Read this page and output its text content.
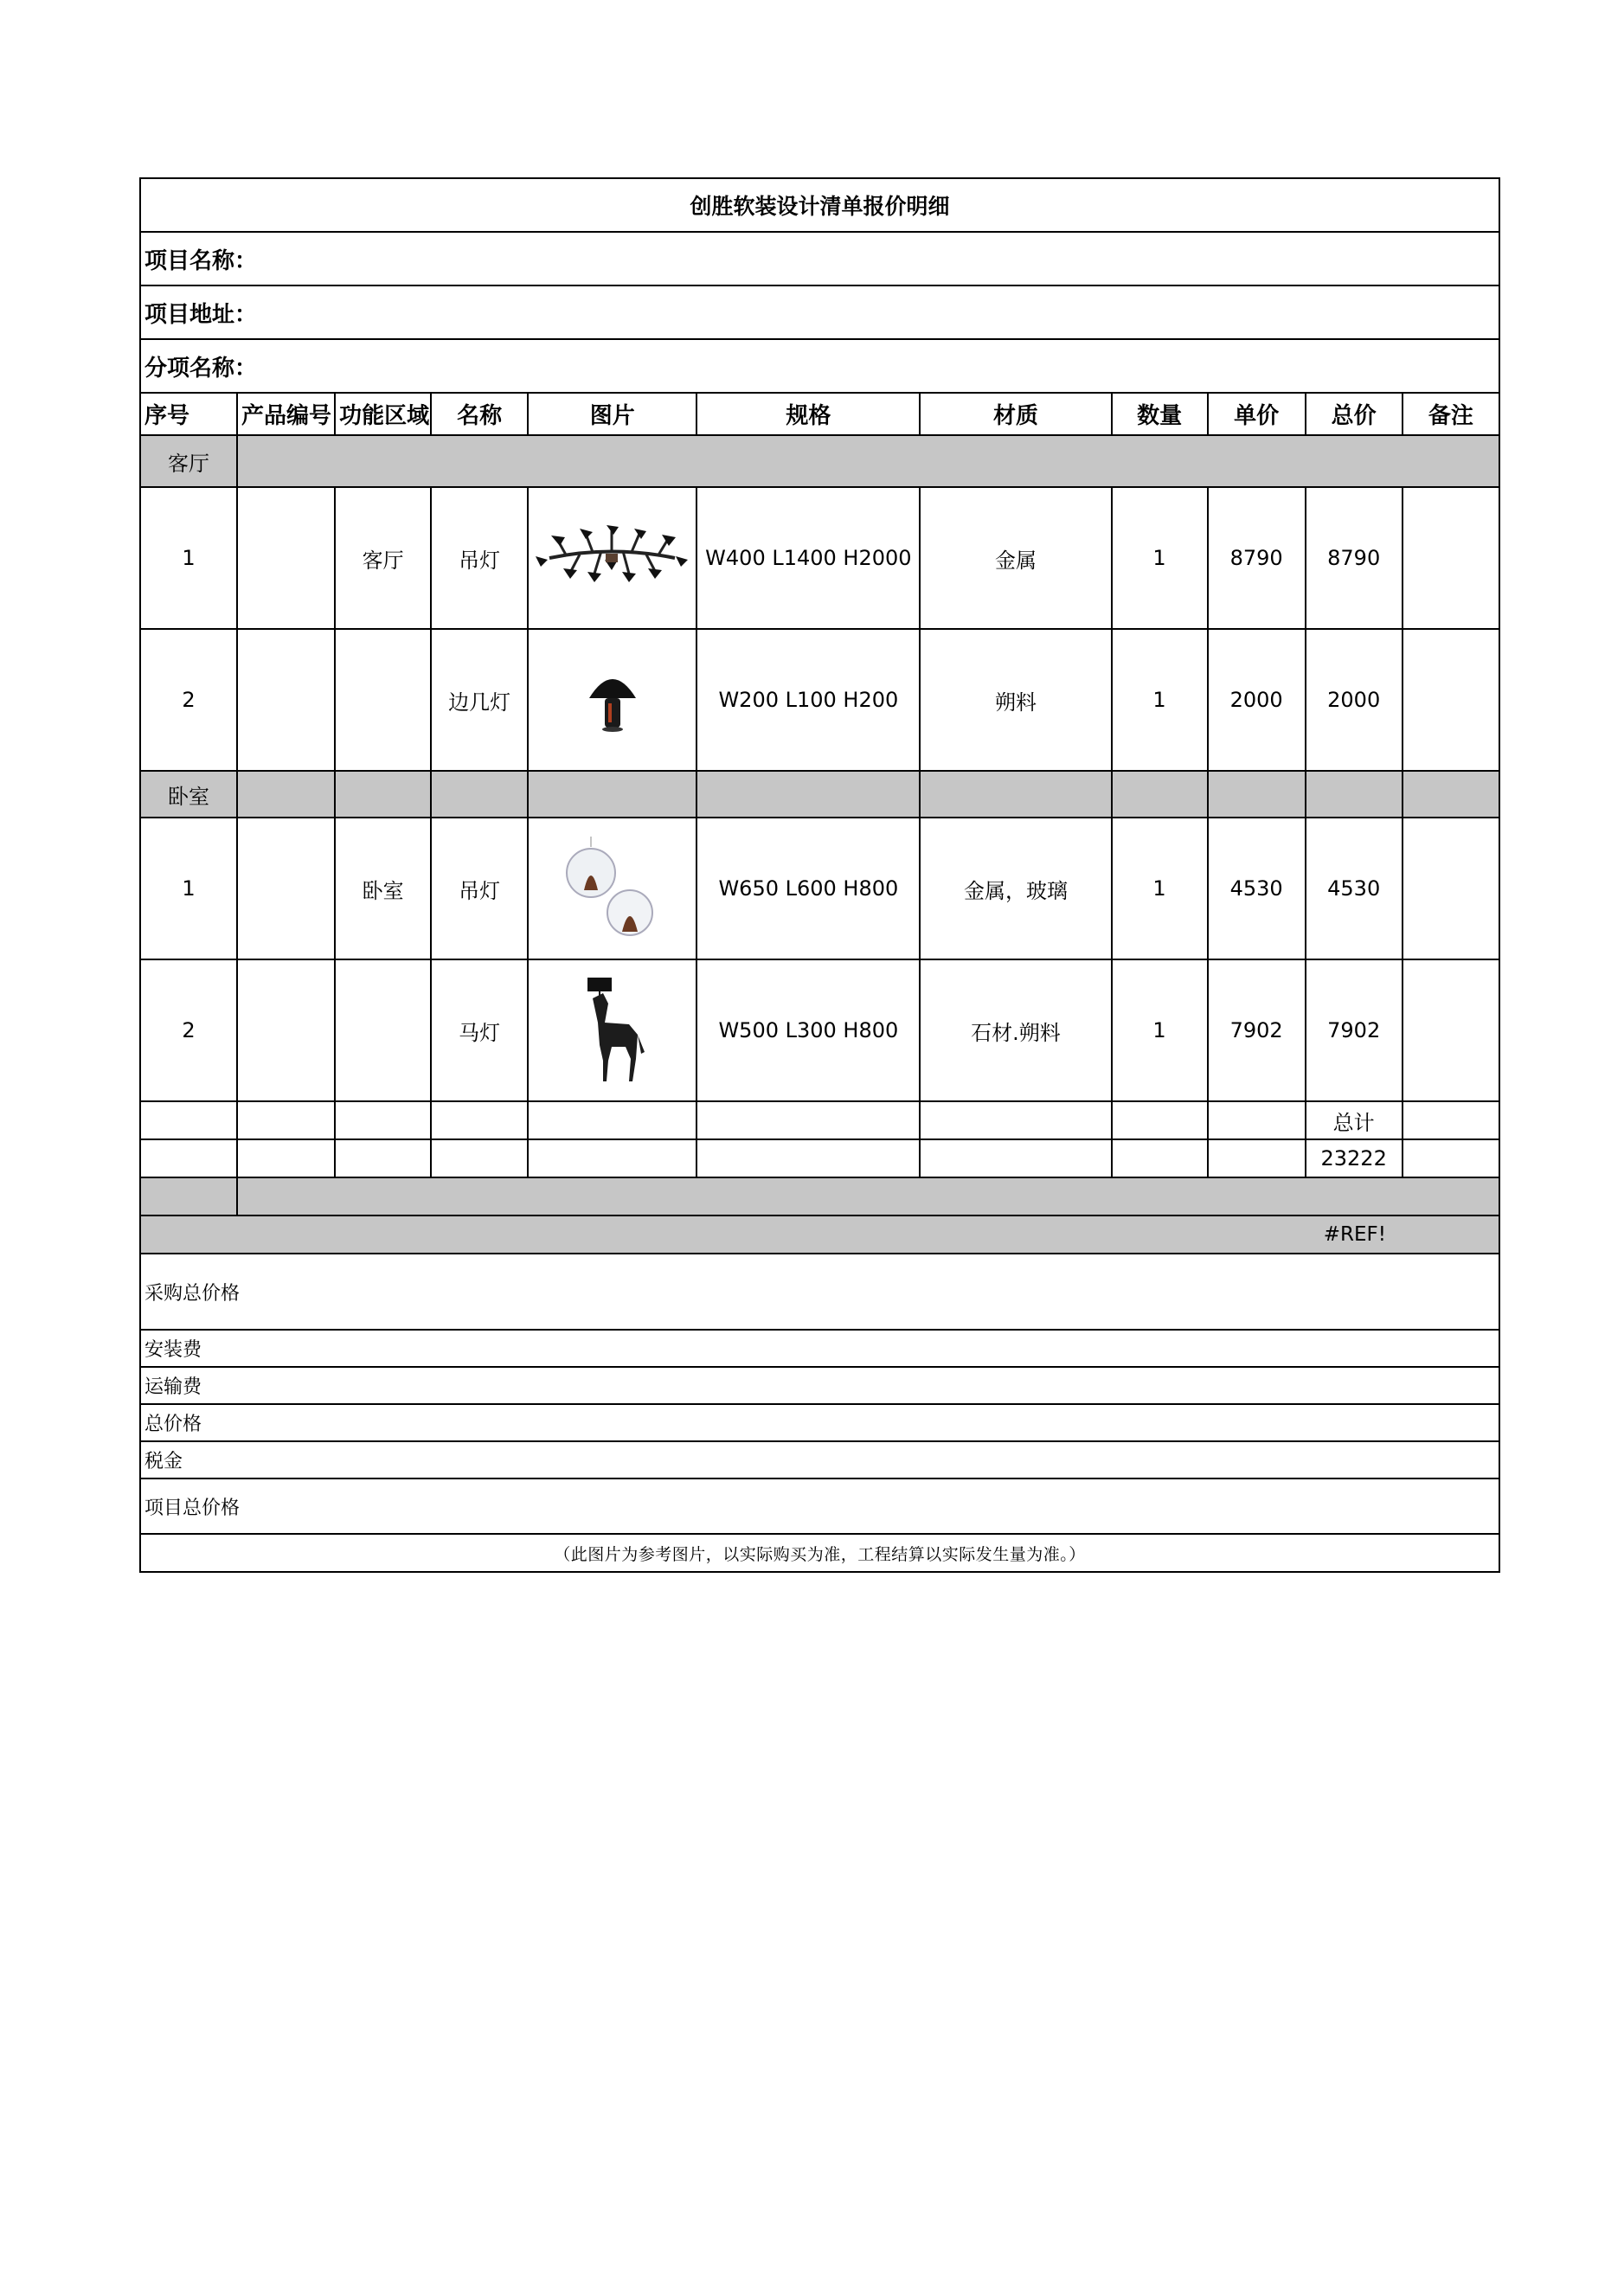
创胜软装设计清单报价明细										
项目名称：										
项目地址：										
分项名称：										
序号	产品编号	功能区域	名称	图片	规格	材质	数量	单价	总价	备注
客厅										
1		客厅	吊灯		W400 L1400 H2000	金属	1	8790	8790	
2			边几灯		W200 L100 H200	朔料	1	2000	2000	
卧室										
1		卧室	吊灯		W650 L600 H800	金属，玻璃	1	4530	4530	
2			马灯		W500 L300 H800	石材.朔料	1	7902	7902	
									总计	
									23222	

#REF!										
采购总价格										
安装费										
运输费										
总价格										
税金										
项目总价格										
（此图片为参考图片，以实际购买为准，工程结算以实际发生量为准。）										
